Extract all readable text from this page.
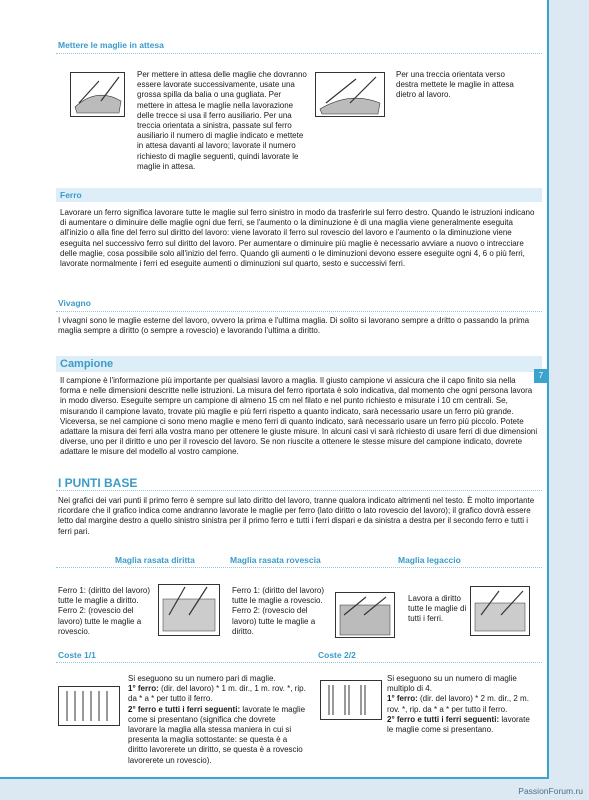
Mettere le maglie in attesa
Per mettere in attesa delle maglie che dovranno essere lavorate successivamente, usate una grossa spilla da balia o una gugliata. Per mettere in attesa le maglie nella lavorazione delle trecce si usa il ferro ausiliario. Per una treccia orientata a sinistra, passate sul ferro ausiliario il numero di maglie indicato e mettete in attesa davanti al lavoro; lavorate il numero richiesto di maglie seguenti, quindi lavorate le maglie in attesa.
Per una treccia orientata verso destra mettete le maglie in attesa dietro al lavoro.
Ferro
Lavorare un ferro significa lavorare tutte le maglie sul ferro sinistro in modo da trasferirle sul ferro destro. Quando le istruzioni indicano di aumentare o diminuire delle maglie ogni due ferri, se l'aumento o la diminuzione è di una maglia viene generalmente eseguita all'inizio o alla fine del ferro sul diritto del lavoro: viene lavorato il ferro sul rovescio del lavoro e l'aumento o la diminuzione viene eseguita nel successivo ferro sul diritto del lavoro. Per aumentare o diminuire più maglie è necessario avviare a nuovo o intrecciare delle maglie, cosa possibile solo all'inizio del ferro. Quando gli aumenti o le diminuzioni devono essere eseguite ogni 4, 6 o più ferri, lavorate normalmente i ferri ed eseguite aumenti o diminuzioni sul quarto, sesto e successivi ferri.
Vivagno
I vivagni sono le maglie esterne del lavoro, ovvero la prima e l'ultima maglia. Di solito si lavorano sempre a dritto o passando la prima maglia sempre a diritto (o sempre a rovescio) e lavorando l'ultima a diritto.
Campione
Il campione è l'informazione più importante per qualsiasi lavoro a maglia. Il giusto campione vi assicura che il capo finito sia nella forma e nelle dimensioni descritte nelle istruzioni. La misura del ferro riportata è solo indicativa, dal momento che ogni persona lavora in modo diverso. Eseguite sempre un campione di almeno 15 cm nel filato e nel punto richiesto e misurate i 10 cm centrali. Se, misurando il campione lavato, trovate più maglie e più ferri rispetto a quanto indicato, sarà necessario usare un ferro più grande. Viceversa, se nel campione ci sono meno maglie e meno ferri di quanto indicato, sarà necessario usare un ferro più piccolo. Potete adattare la misura dei ferri alla vostra mano per ottenere le giuste misure. In alcuni casi vi sarà richiesto di usare ferri di due dimensioni diverse, uno per il diritto e uno per il rovescio del lavoro. Se non riuscite a ottenere le stesse misure del campione indicato, dovrete adattare le misure del modello al vostro campione.
I PUNTI BASE
Nei grafici dei vari punti il primo ferro è sempre sul lato diritto del lavoro, tranne qualora indicato altrimenti nel testo. È molto importante ricordare che il grafico indica come andranno lavorate le maglie per ferro (lato diritto o lato rovescio del lavoro); il grafico dovrà essere letto dal margine destro a quello sinistro sinistra per il primo ferro e tutti i ferri dispari e da sinistra a destra per il secondo ferro e tutti i ferri pari.
Maglia rasata diritta	Maglia rasata rovescia	Maglia legaccio
Ferro 1: (diritto del lavoro) tutte le maglie a diritto. Ferro 2: (rovescio del lavoro) tutte le maglie a rovescio.
Ferro 1: (diritto del lavoro) tutte le maglie a rovescio. Ferro 2: (rovescio del lavoro) tutte le maglie a diritto.
Lavora a diritto tutte le maglie di tutti i ferri.
Coste 1/1	Coste 2/2
Si eseguono su un numero pari di maglie.
1° ferro: (dir. del lavoro) * 1 m. dir., 1 m. rov. *, rip. da * a * per tutto il ferro.
2° ferro e tutti i ferri seguenti: lavorate le maglie come si presentano (significa che dovrete lavorare la maglia alla stessa maniera in cui si presenta la maglia sottostante: se questa è a diritto lavorerete un diritto, se questa è a rovescio lavorerete un rovescio).
Si eseguono su un numero di maglie multiplo di 4.
1° ferro: (dir. del lavoro) * 2 m. dir., 2 m. rov. *, rip. da * a * per tutto il ferro.
2° ferro e tutti i ferri seguenti: lavorate le maglie come si presentano.
7
PassionForum.ru
